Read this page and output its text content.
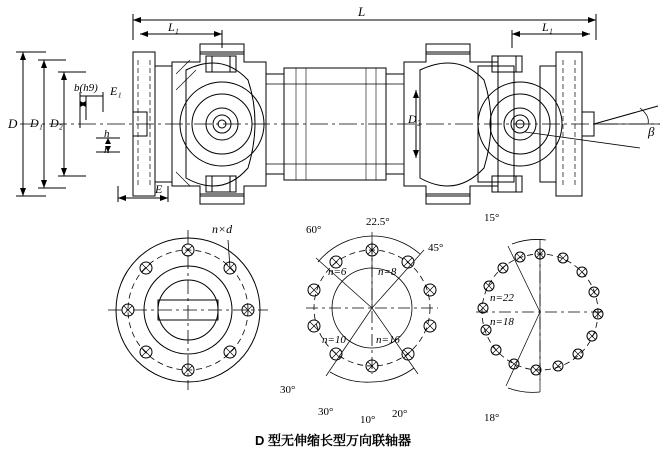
L
L₁	L₁
D D₁ D₂
E
E₁
b(h9)
h
h
D₂
β
n×d	60°
22.5°
45°
30°
30°
10° 20°
n=6	n=8
n=10	n=16
15°
18°
n=22
n=18
D 型无伸缩长型万向联轴器
